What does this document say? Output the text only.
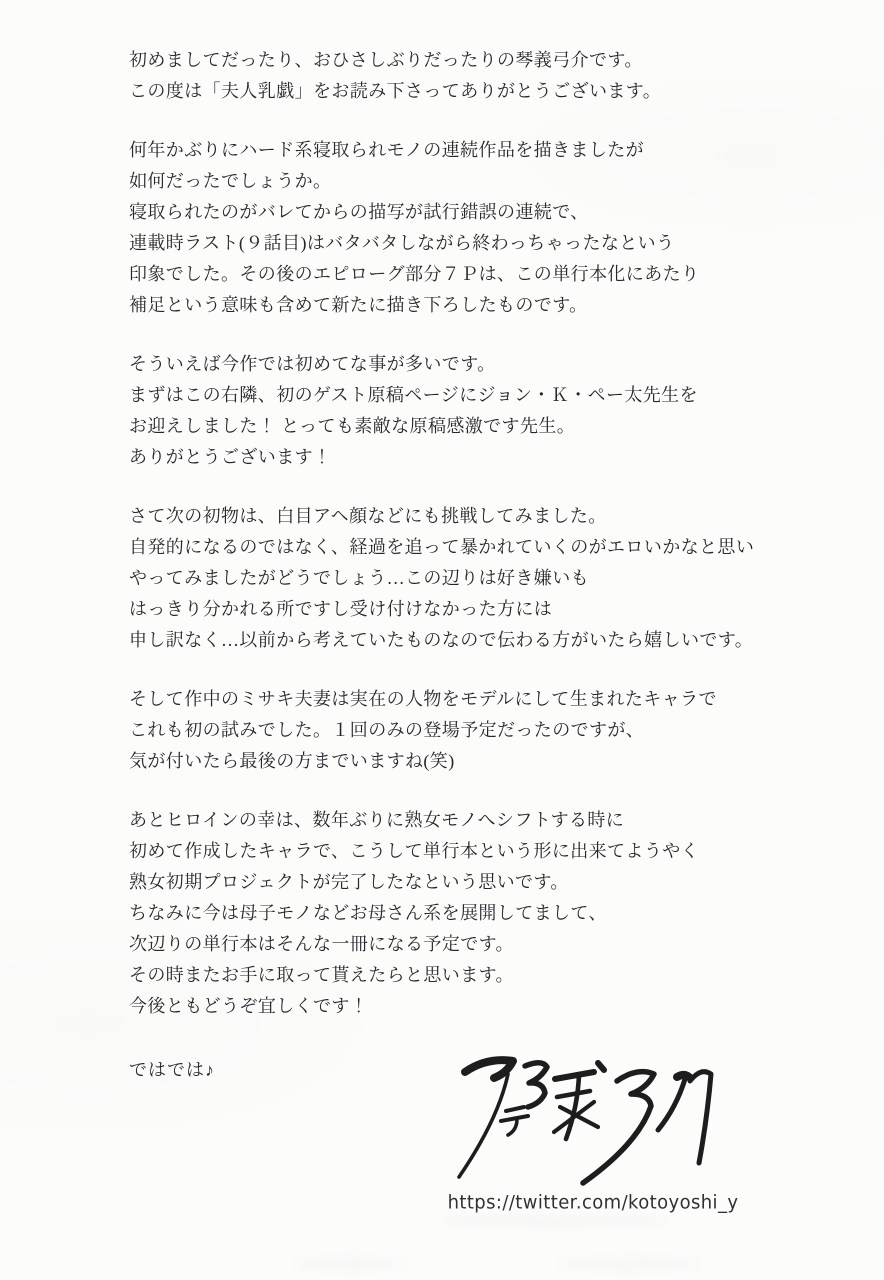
初めましてだったり、おひさしぶりだったりの琴義弓介です。
この度は「夫人乳戯」をお読み下さってありがとうございます。

何年かぶりにハード系寝取られモノの連続作品を描きましたが
如何だったでしょうか。
寝取られたのがバレてからの描写が試行錯誤の連続で、
連載時ラスト(９話目)はバタバタしながら終わっちゃったなという
印象でした。その後のエピローグ部分７Ｐは、この単行本化にあたり
補足という意味も含めて新たに描き下ろしたものです。

そういえば今作では初めてな事が多いです。
まずはこの右隣、初のゲスト原稿ページにジョン・Ｋ・ペー太先生を
お迎えしました！ とっても素敵な原稿感激です先生。
ありがとうございます！

さて次の初物は、白目アヘ顔などにも挑戦してみました。
自発的になるのではなく、経過を追って暴かれていくのがエロいかなと思い
やってみましたがどうでしょう…この辺りは好き嫌いも
はっきり分かれる所ですし受け付けなかった方には
申し訳なく…以前から考えていたものなので伝わる方がいたら嬉しいです。

そして作中のミサキ夫妻は実在の人物をモデルにして生まれたキャラで
これも初の試みでした。１回のみの登場予定だったのですが、
気が付いたら最後の方までいますね(笑)

あとヒロインの幸は、数年ぶりに熟女モノへシフトする時に
初めて作成したキャラで、こうして単行本という形に出来てようやく
熟女初期プロジェクトが完了したなという思いです。
ちなみに今は母子モノなどお母さん系を展開してまして、
次辺りの単行本はそんな一冊になる予定です。
その時またお手に取って貰えたらと思います。
今後ともどうぞ宜しくです！

ではでは♪
https://twitter.com/kotoyoshi_y
